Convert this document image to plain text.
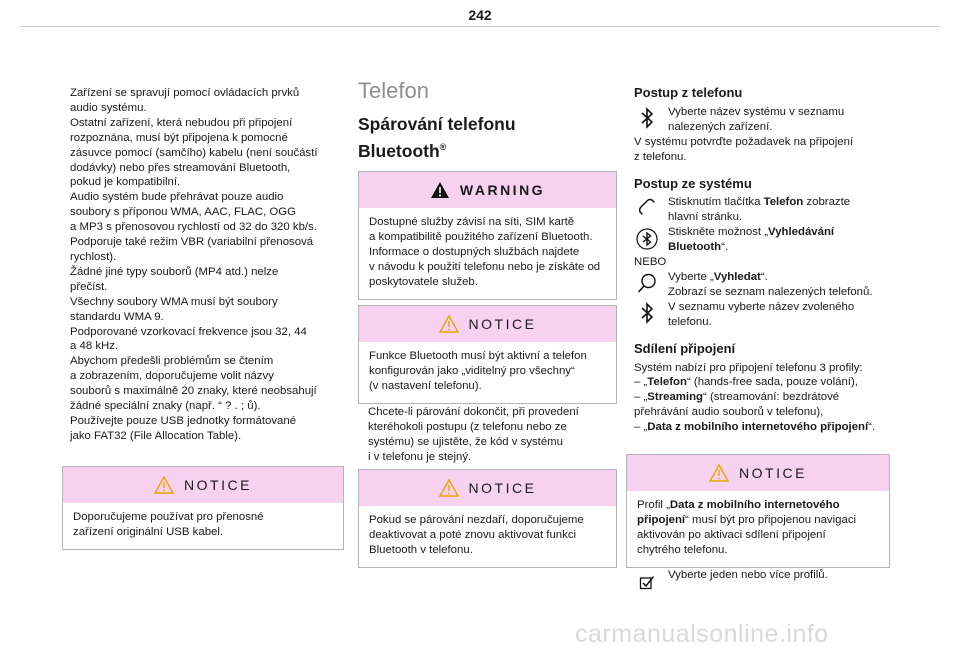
242

Zařízení se spravují pomocí ovládacích prvků

audio systému.

Ostatní zařízení, která nebudou při připojení

rozpoznána, musí být připojena k pomocné

zásuvce pomocí (samčího) kabelu (není součástí

dodávky) nebo přes streamování Bluetooth,

pokud je kompatibilní.

Audio systém bude přehrávat pouze audio

soubory s příponou WMA, AAC, FLAC, OGG

a MP3 s přenosovou rychlostí od 32 do 320 kb/s.

Podporuje také režim VBR (variabilní přenosová

rychlost).

Žádné jiné typy souborů (MP4 atd.) nelze

přečíst.

Všechny soubory WMA musí být soubory

standardu WMA 9.

Podporované vzorkovací frekvence jsou 32, 44

a 48 kHz.

Abychom předešli problémům se čtením

a zobrazením, doporučujeme volit názvy

souborů s maximálně 20 znaky, které neobsahují

žádné speciální znaky (např. “ ? . ; ů).

Používejte pouze USB jednotky formátované

jako FAT32 (File Allocation Table).

NOTICE

Doporučujeme používat pro přenosné

zařízení originální USB kabel.

Telefon
Spárování telefonu
Bluetooth®
WARNING

Dostupné služby závisí na síti, SIM kartě

a kompatibilitě použitého zařízení Bluetooth.

Informace o dostupných službách najdete

v návodu k použití telefonu nebo je získáte od

poskytovatele služeb.

NOTICE

Funkce Bluetooth musí být aktivní a telefon

konfigurován jako „viditelný pro všechny“

(v nastavení telefonu).

Chcete-li párování dokončit, při provedení

kteréhokoli postupu (z telefonu nebo ze

systému) se ujistěte, že kód v systému

i v telefonu je stejný.

NOTICE

Pokud se párování nezdaří, doporučujeme

deaktivovat a poté znovu aktivovat funkci

Bluetooth v telefonu.

Postup z telefonu

Vyberte název systému v seznamu

nalezených zařízení.

V systému potvrďte požadavek na připojení

z telefonu.

Postup ze systému

Stisknutím tlačítka Telefon zobrazte

hlavní stránku.

Stiskněte možnost „Vyhledávání

Bluetooth“.

NEBO

Vyberte „Vyhledat“.

Zobrazí se seznam nalezených telefonů.

V seznamu vyberte název zvoleného

telefonu.

Sdílení připojení

Systém nabízí pro připojení telefonu 3 profily:

– „Telefon“ (hands-free sada, pouze volání),

– „Streaming“ (streamování: bezdrátové

přehrávání audio souborů v telefonu),

– „Data z mobilního internetového připojení“.

NOTICE

Profil „Data z mobilního internetového

připojení“ musí být pro připojenou navigaci

aktivován po aktivaci sdílení připojení

chytrého telefonu.

Vyberte jeden nebo více profilů.
carmanualsonline.info
